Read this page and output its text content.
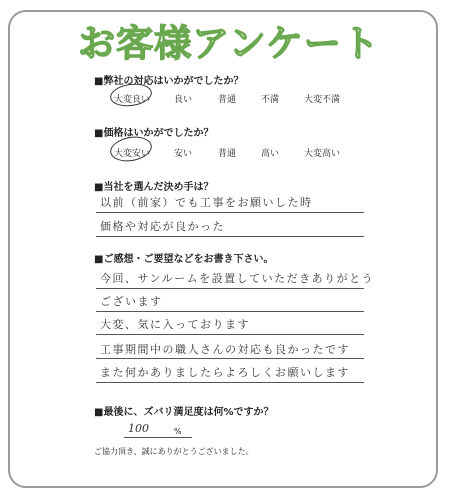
お客様アンケート
■弊社の対応はいかがでしたか？
大変良い	良い	普通	不満	大変不満
■価格はいかがでしたか？
大変安い	安い	普通	高い	大変高い
■当社を選んだ決め手は？
以前（前家）でも工事をお願いした時
価格や対応が良かった
■ご感想・ご要望などをお書き下さい。
今回、サンルームを設置していただきありがとう
ございます
大変、気に入っております
工事期間中の職人さんの対応も良かったです
また何かありましたらよろしくお願いします
■最後に、ズバリ満足度は何%ですか？
100	%
ご協力頂き、誠にありがとうございました。
